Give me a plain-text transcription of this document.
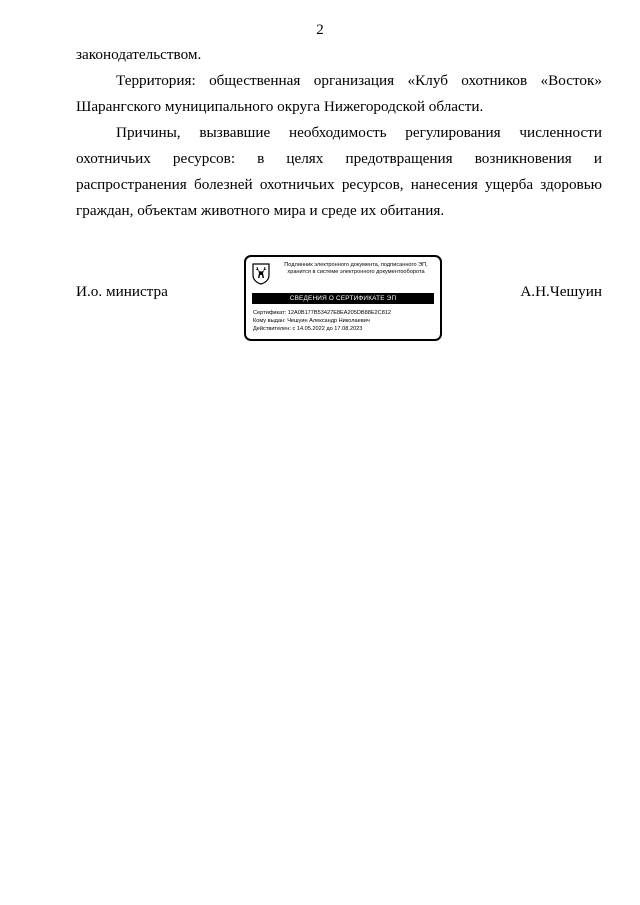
2

законодательством.

Территория: общественная организация «Клуб охотников «Восток» Шарангского муниципального округа Нижегородской области.

Причины, вызвавшие необходимость регулирования численности
охотничьих ресурсов: в целях предотвращения возникновения и

распространения болезней охотничьих ресурсов, нанесения ущерба здоровью граждан, объектам животного мира и среде их обитания.

И.о. министра	А.Н.Чешуин
Подлинник электронного документа, подписанного ЭП,
хранится в системе электронного документооборота
СВЕДЕНИЯ О СЕРТИФИКАТЕ ЭП
Сертификат: 12A0B177B53427E8EA205DB88E2C812
Кому выдан: Чешуин Александр Николаевич
Действителен: с 14.05.2022 до 17.08.2023
